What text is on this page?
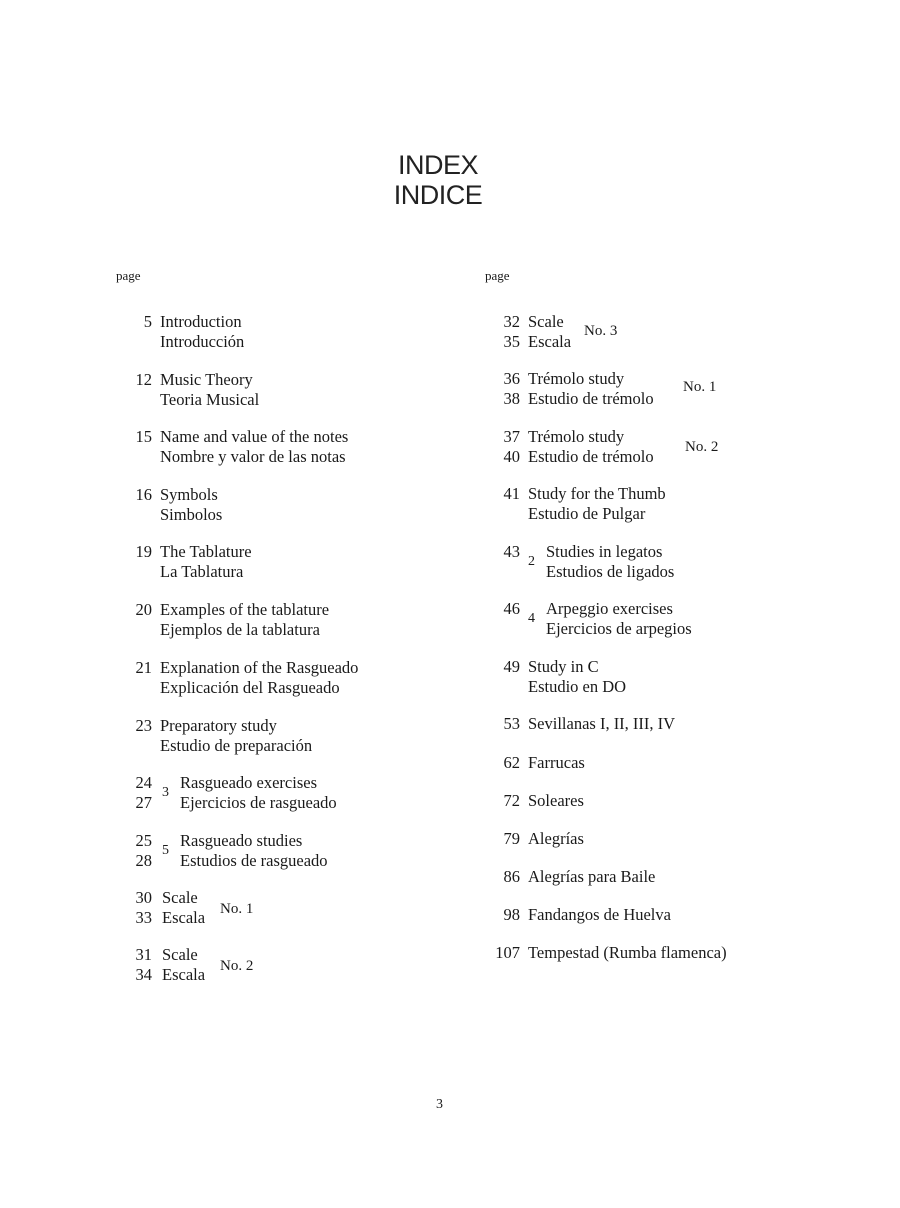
INDEX
INDICE
page	page
5 Introduction
Introducción
12 Music Theory
Teoria Musical
15 Name and value of the notes
Nombre y valor de las notas
16 Symbols
Simbolos
19 The Tablature
La Tablatura
20 Examples of the tablature
Ejemplos de la tablatura
21 Explanation of the Rasgueado
Explicación del Rasgueado
23 Preparatory study
Estudio de preparación
24
27
3
Rasgueado exercises
Ejercicios de rasgueado
25
28
5
Rasgueado studies
Estudios de rasgueado
30
33
Scale
Escala No. 1
31
34
Scale
Escala No. 2
32
35
Scale
Escala
No. 3
36
38
Trémolo study
Estudio de trémolo
No. 1
37
40
Trémolo study
Estudio de trémolo No. 2
41 Study for the Thumb
Estudio de Pulgar
43
2
Studies in legatos
Estudios de ligados
46
4
Arpeggio exercises
Ejercicios de arpegios
49 Study in C
Estudio en DO
53 Sevillanas I, II, III, IV
62 Farrucas
72 Soleares
79 Alegrías
86 Alegrías para Baile
98 Fandangos de Huelva
107 Tempestad (Rumba flamenca)
3
